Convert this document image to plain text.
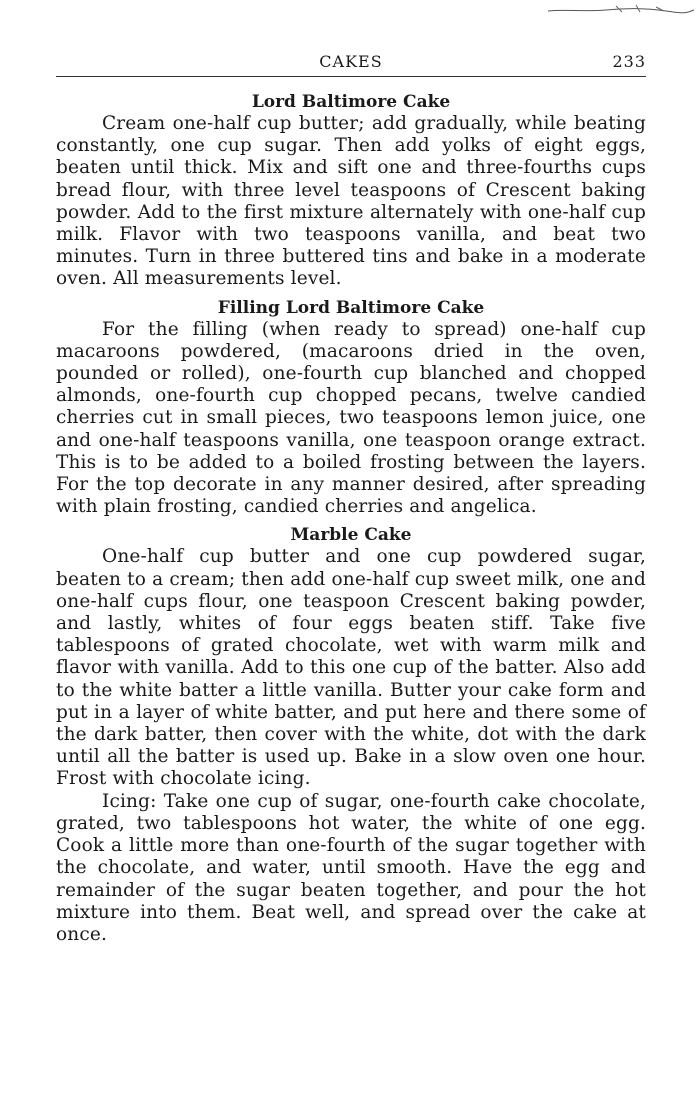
CAKES	233
Lord Baltimore Cake

Cream one-half cup butter; add gradually, while beating constantly, one cup sugar. Then add yolks of eight eggs, beaten until thick. Mix and sift one and three-fourths cups bread flour, with three level teaspoons of Crescent baking powder. Add to the first mixture alternately with one-half cup milk. Flavor with two teaspoons vanilla, and beat two minutes. Turn in three buttered tins and bake in a moderate oven. All measurements level.

Filling Lord Baltimore Cake

For the filling (when ready to spread) one-half cup macaroons powdered, (macaroons dried in the oven, pounded or rolled), one-fourth cup blanched and chopped almonds, one-fourth cup chopped pecans, twelve candied cherries cut in small pieces, two teaspoons lemon juice, one and one-half teaspoons vanilla, one teaspoon orange extract. This is to be added to a boiled frosting between the layers. For the top decorate in any manner desired, after spreading with plain frosting, candied cherries and angelica.

Marble Cake

One-half cup butter and one cup powdered sugar, beaten to a cream; then add one-half cup sweet milk, one and one-half cups flour, one teaspoon Crescent baking powder, and lastly, whites of four eggs beaten stiff. Take five tablespoons of grated chocolate, wet with warm milk and flavor with vanilla. Add to this one cup of the batter. Also add to the white batter a little vanilla. Butter your cake form and put in a layer of white batter, and put here and there some of the dark batter, then cover with the white, dot with the dark until all the batter is used up. Bake in a slow oven one hour. Frost with chocolate icing.

Icing: Take one cup of sugar, one-fourth cake chocolate, grated, two tablespoons hot water, the white of one egg. Cook a little more than one-fourth of the sugar together with the chocolate, and water, until smooth. Have the egg and remainder of the sugar beaten together, and pour the hot mixture into them. Beat well, and spread over the cake at once.
